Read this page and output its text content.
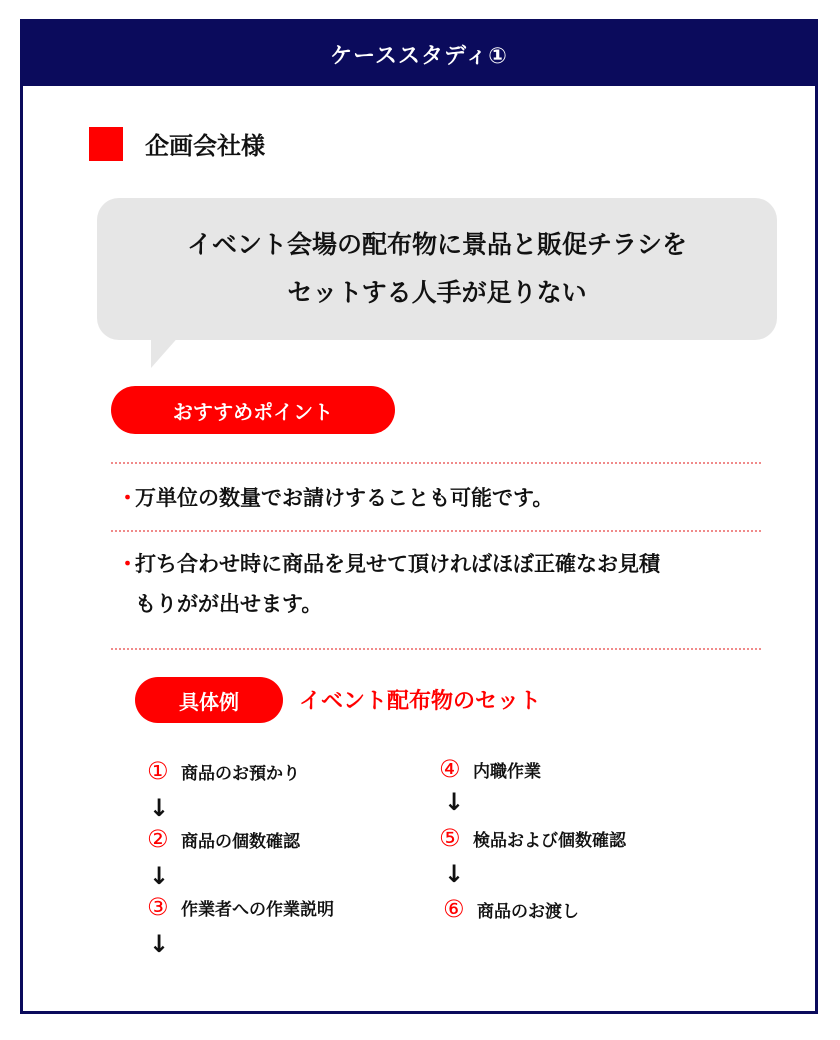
ケーススタディ①
企画会社様
イベント会場の配布物に景品と販促チラシを
セットする人手が足りない
おすすめポイント
・
万単位の数量でお請けすることも可能です。
・
打ち合わせ時に商品を見せて頂ければほぼ正確なお見積
もりがが出せます。
具体例	イベント配布物のセット
① 商品のお預かり
↓
② 商品の個数確認
↓
③ 作業者への作業説明
↓
④ 内職作業
↓
⑤ 検品および個数確認
↓
⑥ 商品のお渡し
